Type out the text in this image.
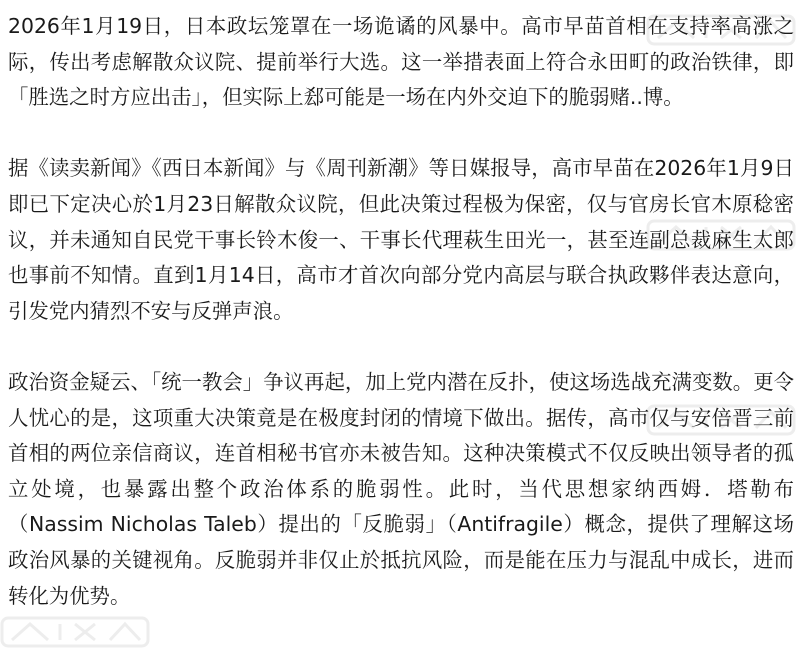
2026年1月19日，日本政坛笼罩在一场诡谲的风暴中。高市早苗首相在支持率高涨之际，传出考虑解散众议院、提前举行大选。这一举措表面上符合永田町的政治铁律，即「胜选之时方应出击」，但实际上郄可能是一场在内外交迫下的脆弱赌..博。

据《读卖新闻》《西日本新闻》与《周刊新潮》等日媒报导，高市早苗在2026年1月9日即已下定决心於1月23日解散众议院，但此决策过程极为保密，仅与官房长官木原稔密议，并未通知自民党干事长铃木俊一、干事长代理萩生田光一，甚至连副总裁麻生太郎也事前不知情。直到1月14日，高市才首次向部分党内高层与联合执政夥伴表达意向，引发党内猜烈不安与反弹声浪。

政治资金疑云、「统一教会」争议再起，加上党内潜在反扑，使这场选战充满变数。更令人忧心的是，这项重大决策竟是在极度封闭的情境下做出。据传，高市仅与安倍晋三前首相的两位亲信商议，连首相秘书官亦未被告知。这种决策模式不仅反映出领导者的孤立处境，也暴露出整个政治体系的脆弱性。此时，当代思想家纳西姆．塔勒布（Nassim Nicholas Taleb）提出的「反脆弱」（Antifragile）概念，提供了理解这场政治风暴的关键视角。反脆弱并非仅止於抵抗风险，而是能在压力与混乱中成长，进而转化为优势。
